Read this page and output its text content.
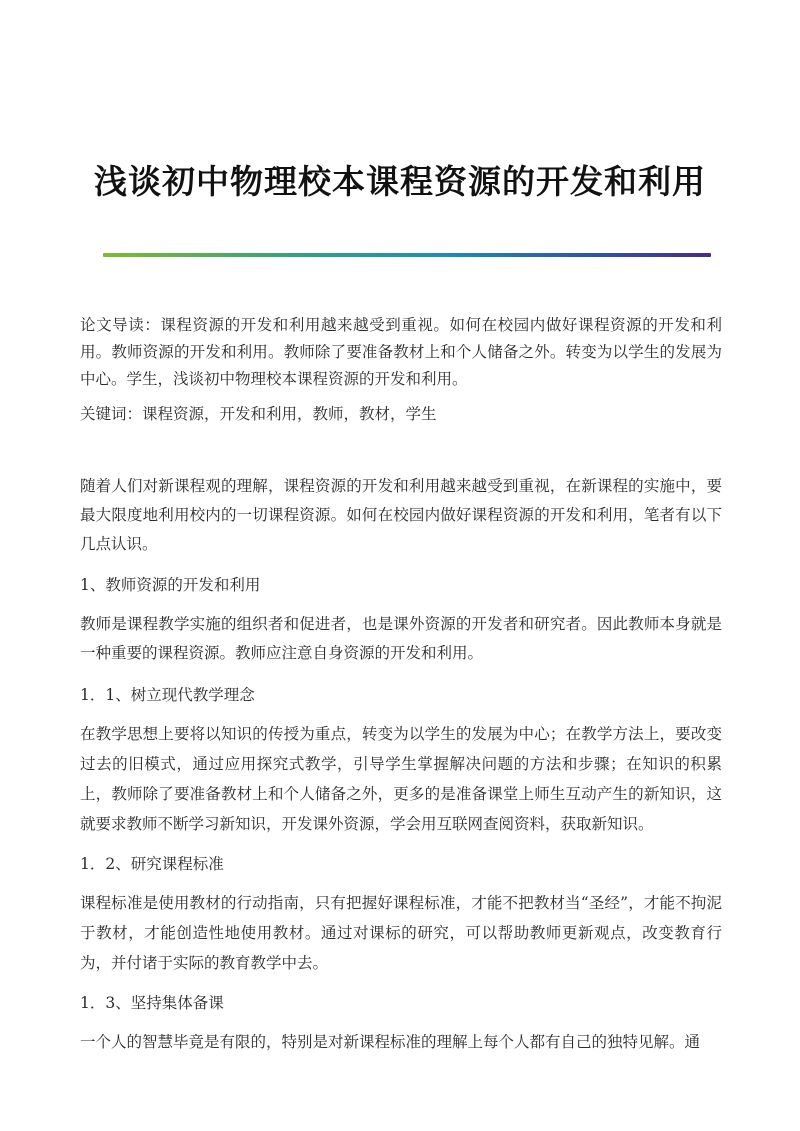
浅谈初中物理校本课程资源的开发和利用
论文导读：课程资源的开发和利用越来越受到重视。如何在校园内做好课程资源的开发和利用。教师资源的开发和利用。教师除了要准备教材上和个人储备之外。转变为以学生的发展为中心。学生，浅谈初中物理校本课程资源的开发和利用。
关键词：课程资源，开发和利用，教师，教材，学生
随着人们对新课程观的理解，课程资源的开发和利用越来越受到重视，在新课程的实施中，要最大限度地利用校内的一切课程资源。如何在校园内做好课程资源的开发和利用，笔者有以下几点认识。
1、教师资源的开发和利用
教师是课程教学实施的组织者和促进者，也是课外资源的开发者和研究者。因此教师本身就是一种重要的课程资源。教师应注意自身资源的开发和利用。
1．1、树立现代教学理念
在教学思想上要将以知识的传授为重点，转变为以学生的发展为中心；在教学方法上，要改变过去的旧模式，通过应用探究式教学，引导学生掌握解决问题的方法和步骤；在知识的积累上，教师除了要准备教材上和个人储备之外，更多的是准备课堂上师生互动产生的新知识，这就要求教师不断学习新知识，开发课外资源，学会用互联网查阅资料，获取新知识。
1．2、研究课程标准
课程标准是使用教材的行动指南，只有把握好课程标准，才能不把教材当“圣经”，才能不拘泥于教材，才能创造性地使用教材。通过对课标的研究，可以帮助教师更新观点，改变教育行为，并付诸于实际的教育教学中去。
1．3、坚持集体备课
一个人的智慧毕竟是有限的，特别是对新课程标准的理解上每个人都有自己的独特见解。通
